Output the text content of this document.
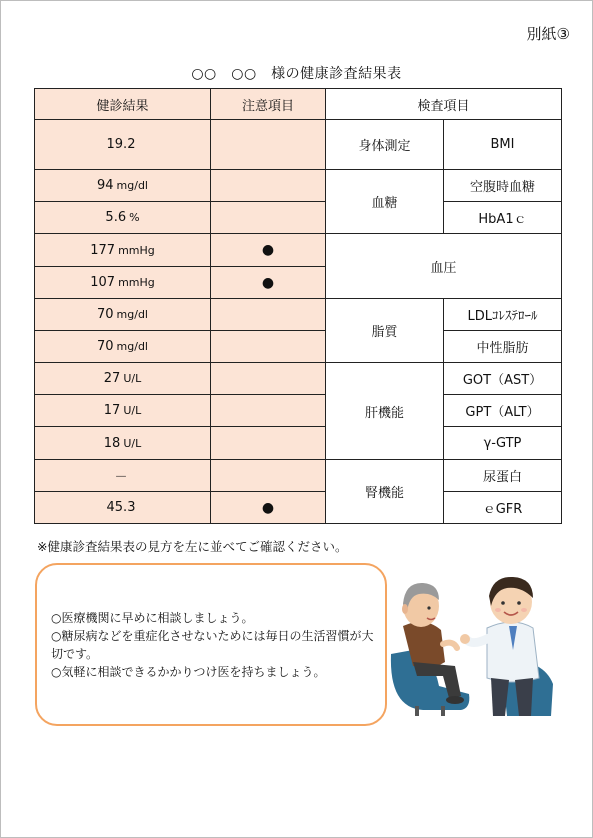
別紙③
○○　○○　様の健康診査結果表
健診結果	注意項目	検査項目	
19.2		身体測定	BMI
94 mg/dl		血糖	空腹時血糖
5.6 %			HbA1ｃ
177 mmHg	●	血圧	
107 mmHg	●		
70 mg/dl		脂質	LDLｺﾚｽﾃﾛｰﾙ
70 mg/dl			中性脂肪
27 U/L		肝機能	GOT（AST）
17 U/L			GPT（ALT）
18 U/L			γ-GTP
－		腎機能	尿蛋白
45.3	●		ｅGFR
※健康診査結果表の見方を左に並べてご確認ください。
○医療機関に早めに相談しましょう。
○糖尿病などを重症化させないためには毎日の生活習慣が大切です。
○気軽に相談できるかかりつけ医を持ちましょう。
